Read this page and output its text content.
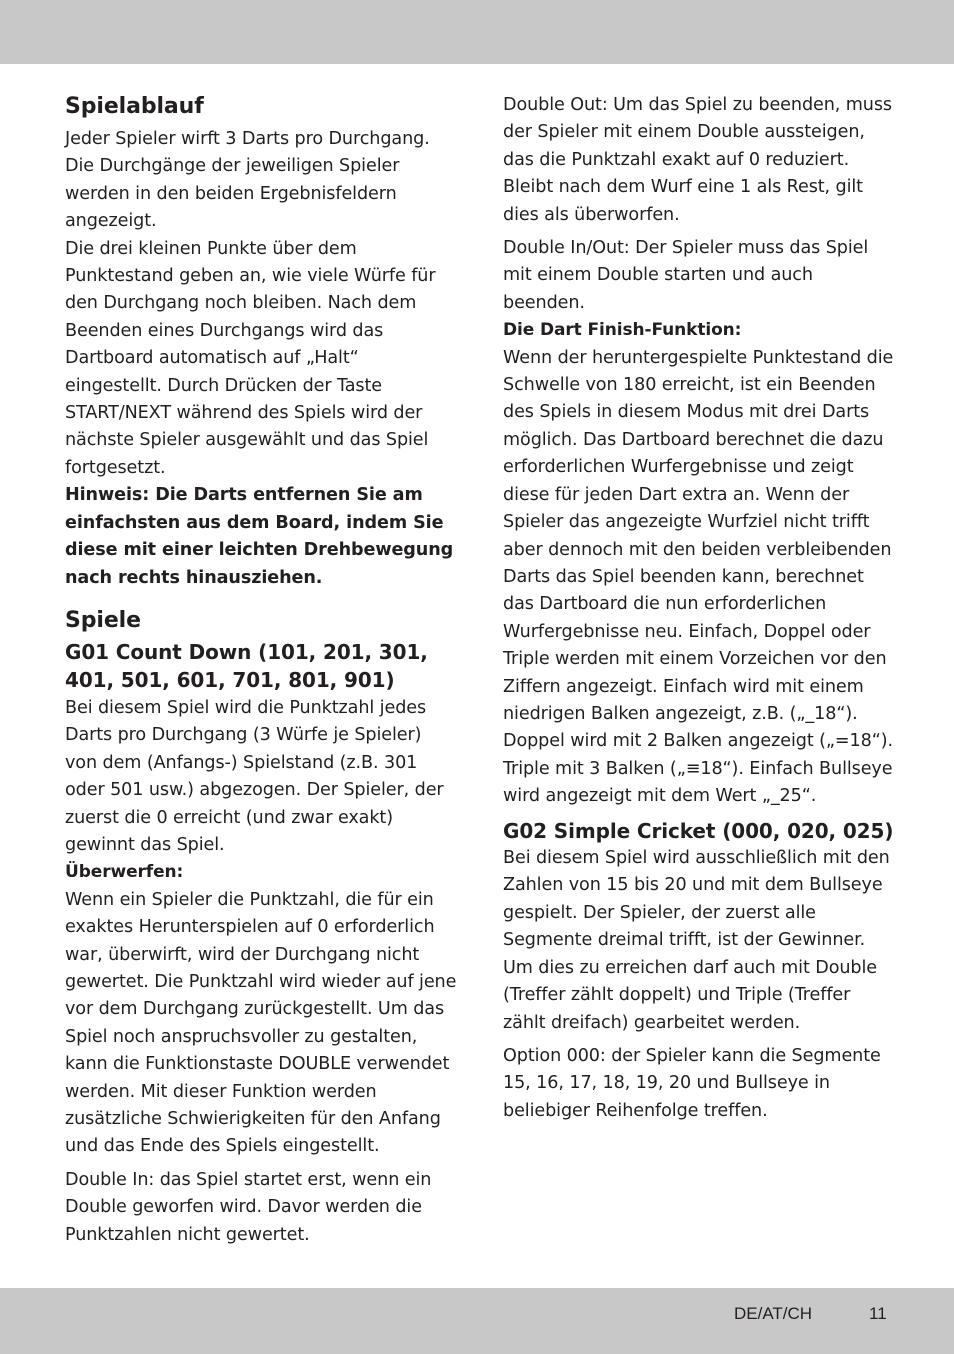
Spielablauf

Jeder Spieler wirft 3 Darts pro Durchgang. Die Durchgänge der jeweiligen Spieler werden in den beiden Ergebnisfeldern angezeigt.

Die drei kleinen Punkte über dem Punktestand geben an, wie viele Würfe für den Durchgang noch bleiben. Nach dem Beenden eines Durchgangs wird das Dartboard automatisch auf „Halt“ eingestellt. Durch Drücken der Taste START/NEXT während des Spiels wird der nächste Spieler ausgewählt und das Spiel fortgesetzt.

Hinweis: Die Darts entfernen Sie am einfachsten aus dem Board, indem Sie diese mit einer leichten Drehbewegung nach rechts hinausziehen.

Spiele
G01 Count Down (101, 201, 301, 401, 501, 601, 701, 801, 901)

Bei diesem Spiel wird die Punktzahl jedes Darts pro Durchgang (3 Würfe je Spieler) von dem (Anfangs-) Spielstand (z.B. 301 oder 501 usw.) abgezogen. Der Spieler, der zuerst die 0 erreicht (und zwar exakt) gewinnt das Spiel.

Überwerfen:

Wenn ein Spieler die Punktzahl, die für ein exaktes Herunterspielen auf 0 erforderlich war, überwirft, wird der Durchgang nicht gewertet. Die Punktzahl wird wieder auf jene vor dem Durchgang zurückgestellt. Um das Spiel noch anspruchsvoller zu gestalten, kann die Funktionstaste DOUBLE verwendet werden. Mit dieser Funktion werden zusätzliche Schwierigkeiten für den Anfang und das Ende des Spiels eingestellt.

Double In: das Spiel startet erst, wenn ein Double geworfen wird. Davor werden die Punktzahlen nicht gewertet.

Double Out: Um das Spiel zu beenden, muss der Spieler mit einem Double aussteigen, das die Punktzahl exakt auf 0 reduziert. Bleibt nach dem Wurf eine 1 als Rest, gilt dies als überworfen.

Double In/Out: Der Spieler muss das Spiel mit einem Double starten und auch beenden.

Die Dart Finish-Funktion:

Wenn der heruntergespielte Punktestand die Schwelle von 180 erreicht, ist ein Beenden des Spiels in diesem Modus mit drei Darts möglich. Das Dartboard berechnet die dazu erforderlichen Wurfergebnisse und zeigt diese für jeden Dart extra an. Wenn der Spieler das angezeigte Wurfziel nicht trifft aber dennoch mit den beiden verbleibenden Darts das Spiel beenden kann, berechnet das Dartboard die nun erforderlichen Wurfergebnisse neu. Einfach, Doppel oder Triple werden mit einem Vorzeichen vor den Ziffern angezeigt. Einfach wird mit einem niedrigen Balken angezeigt, z.B. („_18“). Doppel wird mit 2 Balken angezeigt („=18“). Triple mit 3 Balken („≡18“). Einfach Bullseye wird angezeigt mit dem Wert „_25“.

G02 Simple Cricket (000, 020, 025)

Bei diesem Spiel wird ausschließlich mit den Zahlen von 15 bis 20 und mit dem Bullseye gespielt. Der Spieler, der zuerst alle Segmente dreimal trifft, ist der Gewinner. Um dies zu erreichen darf auch mit Double (Treffer zählt doppelt) und Triple (Treffer zählt dreifach) gearbeitet werden.

Option 000: der Spieler kann die Segmente 15, 16, 17, 18, 19, 20 und Bullseye in beliebiger Reihenfolge treffen.

DE/AT/CH	11
